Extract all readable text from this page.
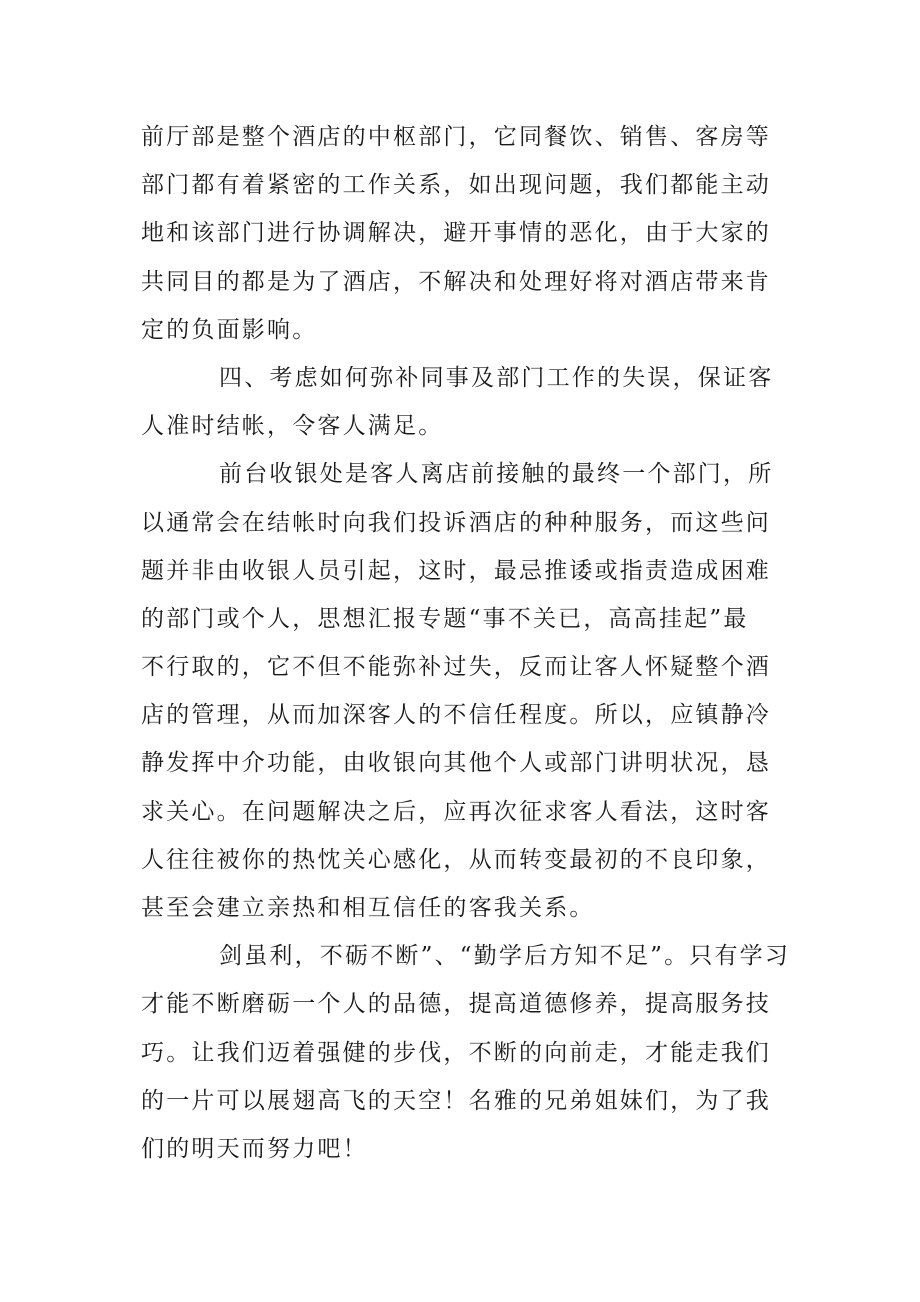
前厅部是整个酒店的中枢部门，它同餐饮、销售、客房等
部门都有着紧密的工作关系，如出现问题，我们都能主动
地和该部门进行协调解决，避开事情的恶化，由于大家的
共同目的都是为了酒店，不解决和处理好将对酒店带来肯
定的负面影响。
四、考虑如何弥补同事及部门工作的失误，保证客
人准时结帐，令客人满足。
前台收银处是客人离店前接触的最终一个部门，所
以通常会在结帐时向我们投诉酒店的种种服务，而这些问
题并非由收银人员引起，这时，最忌推诿或指责造成困难
的部门或个人，思想汇报专题“事不关已，高高挂起”最
不行取的，它不但不能弥补过失，反而让客人怀疑整个酒
店的管理，从而加深客人的不信任程度。所以，应镇静冷
静发挥中介功能，由收银向其他个人或部门讲明状况，恳
求关心。在问题解决之后，应再次征求客人看法，这时客
人往往被你的热忱关心感化，从而转变最初的不良印象，
甚至会建立亲热和相互信任的客我关系。
剑虽利，不砺不断”、“勤学后方知不足”。只有学习
才能不断磨砺一个人的品德，提高道德修养，提高服务技
巧。让我们迈着强健的步伐，不断的向前走，才能走我们
的一片可以展翅高飞的天空！名雅的兄弟姐妹们，为了我
们的明天而努力吧！
